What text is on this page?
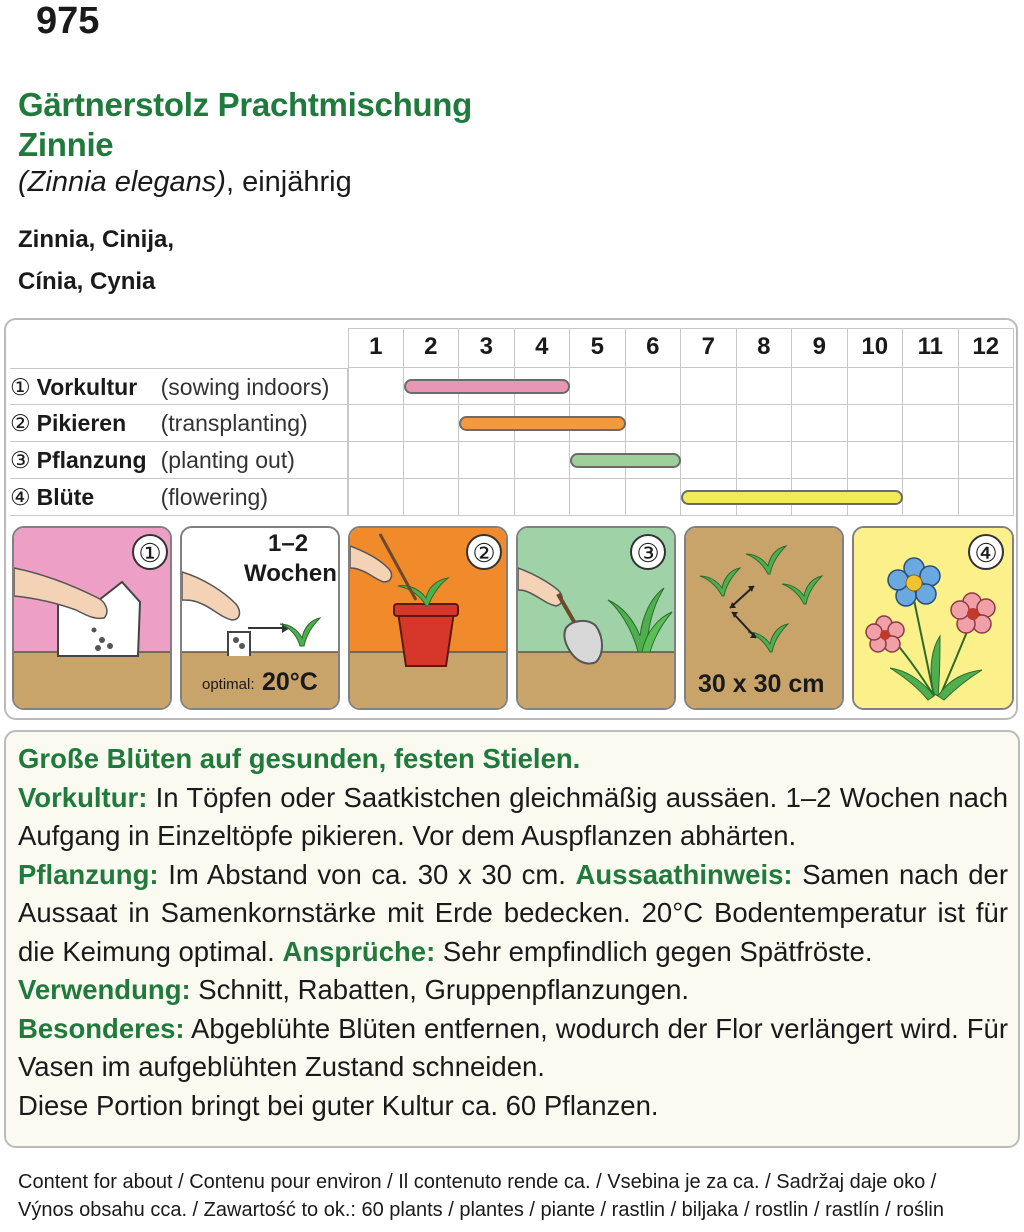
975
Gärtnerstolz Prachtmischung
Zinnie
(Zinnia elegans), einjährig
Zinnia, Cinija,
Cínia, Cynia
1	2	3	4	5	6	7	8	9	10	11	12
① Vorkultur (sowing indoors)
② Pikieren (transplanting)
③ Pflanzung (planting out)
④ Blüte	(flowering)
①	1–2
Wochen
optimal: 20°C
②	③
30 x 30 cm
④

Große Blüten auf gesunden, festen Stielen.

Vorkultur: In Töpfen oder Saatkistchen gleichmäßig aussäen. 1–2 Wochen nach Aufgang in Einzeltöpfe pikieren. Vor dem Auspflanzen abhärten.

Pflanzung: Im Abstand von ca. 30 x 30 cm. Aussaathinweis: Samen nach der Aussaat in Samenkornstärke mit Erde bedecken. 20°C Bodentemperatur ist für die Keimung optimal. Ansprüche: Sehr empfindlich gegen Spätfröste.

Verwendung: Schnitt, Rabatten, Gruppenpflanzungen.

Besonderes: Abgeblühte Blüten entfernen, wodurch der Flor verlängert wird. Für Vasen im aufgeblühten Zustand schneiden.

Diese Portion bringt bei guter Kultur ca. 60 Pflanzen.

Content for about / Contenu pour environ / Il contenuto rende ca. / Vsebina je za ca. / Sadržaj daje oko /
Výnos obsahu cca. / Zawartość to ok.: 60 plants / plantes / piante / rastlin / biljaka / rostlin / rastlín / roślin
